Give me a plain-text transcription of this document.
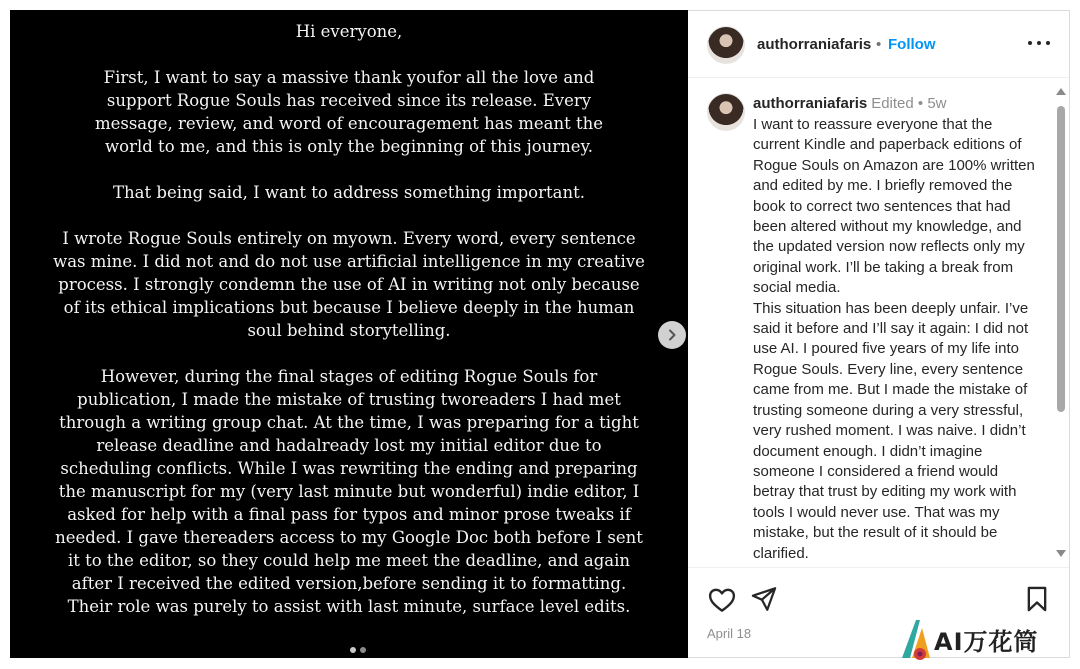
Hi everyone,

First, I want to say a massive thank youfor all the love and support Rogue Souls has received since its release. Every message, review, and word of encouragement has meant the world to me, and this is only the beginning of this journey.

That being said, I want to address something important.

I wrote Rogue Souls entirely on myown. Every word, every sentence was mine. I did not and do not use artificial intelligence in my creative process. I strongly condemn the use of AI in writing not only because of its ethical implications but because I believe deeply in the human soul behind storytelling.

However, during the final stages of editing Rogue Souls for publication, I made the mistake of trusting tworeaders I had met through a writing group chat. At the time, I was preparing for a tight release deadline and hadalready lost my initial editor due to scheduling conflicts. While I was rewriting the ending and preparing the manuscript for my (very last minute but wonderful) indie editor, I asked for help with a final pass for typos and minor prose tweaks if needed. I gave thereaders access to my Google Doc both before I sent it to the editor, so they could help me meet the deadline, and again after I received the edited version,before sending it to formatting. Their role was purely to assist with last minute, surface level edits.

authorraniafaris • Follow
authorraniafaris Edited • 5w

I want to reassure everyone that the current Kindle and paperback editions of Rogue Souls on Amazon are 100% written and edited by me. I briefly removed the book to correct two sentences that had been altered without my knowledge, and the updated version now reflects only my original work. I’ll be taking a break from social media.

This situation has been deeply unfair. I’ve said it before and I’ll say it again: I did not use AI. I poured five years of my life into Rogue Souls. Every line, every sentence came from me. But I made the mistake of trusting someone during a very stressful, very rushed moment. I was naive. I didn’t document enough. I didn’t imagine someone I considered a friend would betray that trust by editing my work with tools I would never use. That was my mistake, but the result of it should be clarified.

April 18	AI万花筒
